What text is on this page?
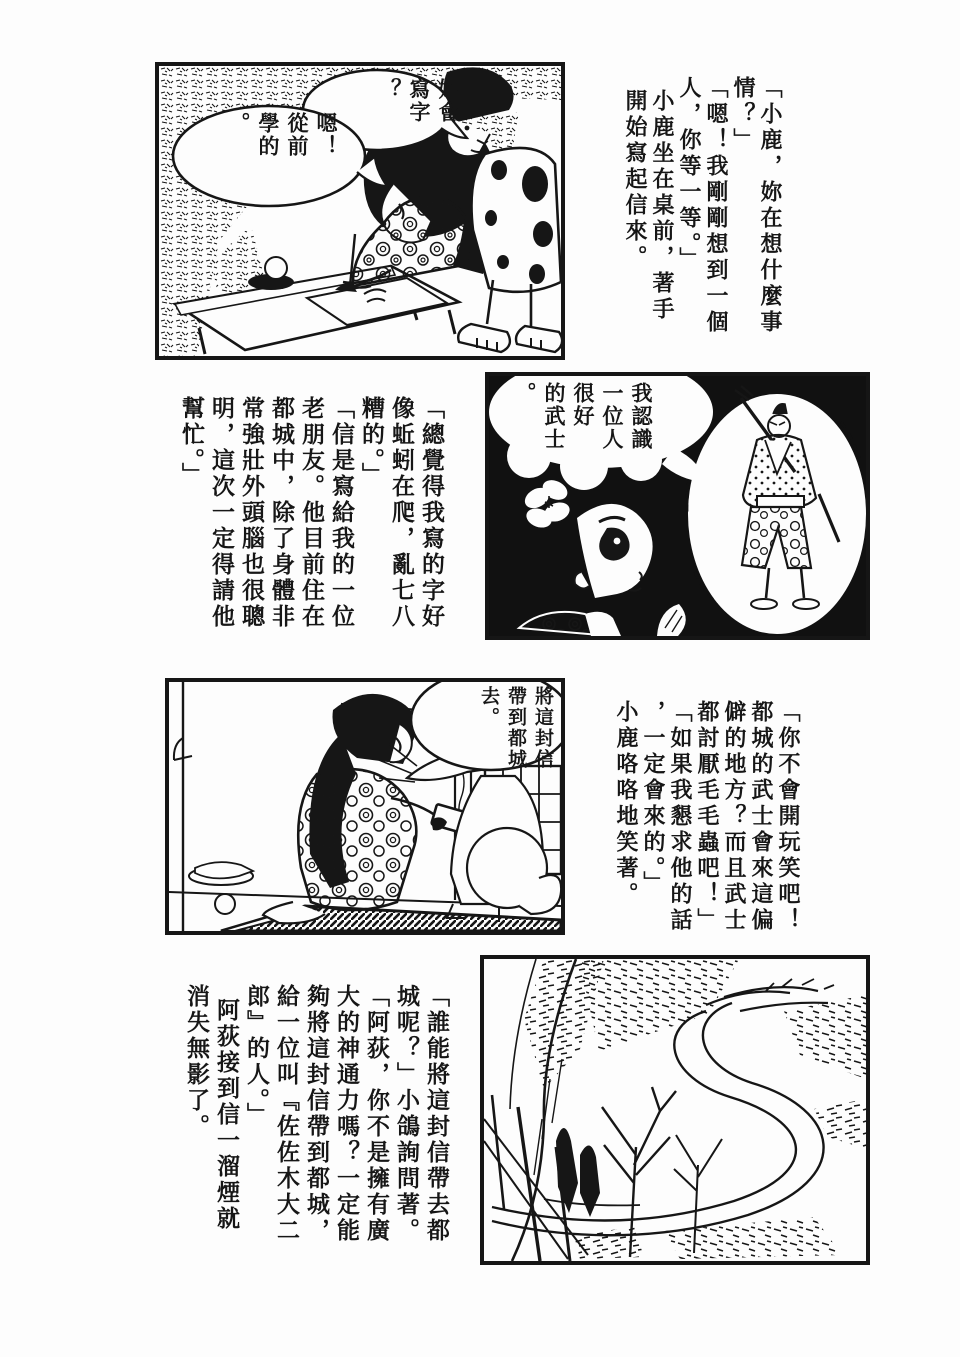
妳會

寫字

？

嗯！

從前

學的

。	「小鹿，妳在想什麼事

情？」

「嗯！我剛剛想到一個

人，你等一等。」

小鹿坐在桌前，著手

開始寫起信來。

我認識

一位人

很好

的武士

。

「總覺得我寫的字好

像蚯蚓在爬，亂七八

糟的。」

「信是寫給我的一位

老朋友。他目前住在

都城中，除了身體非

常強壯外頭腦也很聰

明，這次一定得請他

幫忙。」

將這封信

帶到都城

去。	「你不會開玩笑吧！

都城的武士會來這偏

僻的地方？而且武士

都討厭毛毛蟲吧！」

「如果我懇求他的話

，一定會來的。」

小鹿咯咯地笑著。

「誰能將這封信帶去都

城呢？」小鴿詢問著。

「阿荻，你不是擁有廣

大的神通力嗎？一定能

夠將這封信帶到都城，

給一位叫『佐佐木大二

郎』的人。」

阿荻接到信一溜煙就

消失無影了。
